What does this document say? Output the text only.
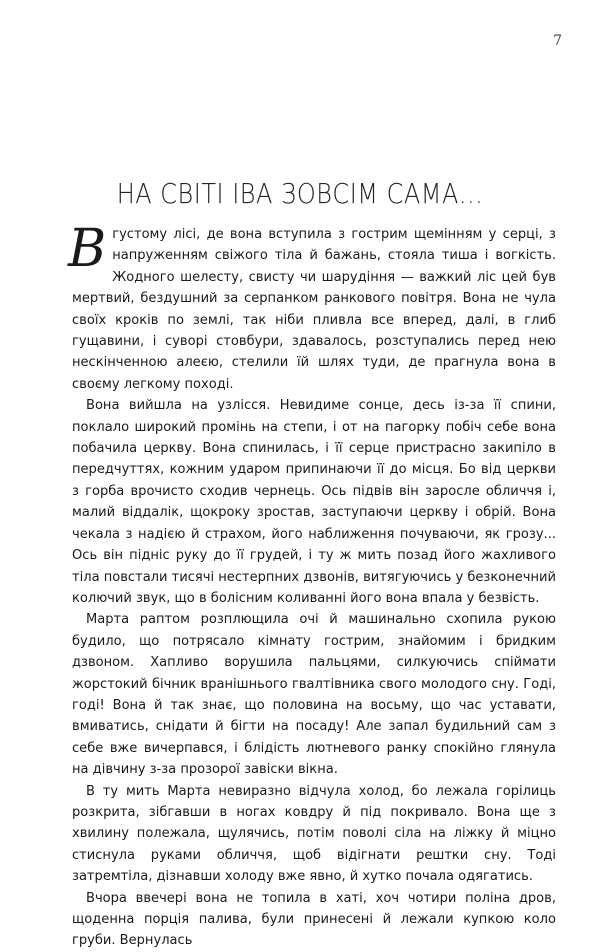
7
НА СВІТІ ІВА ЗОВСІМ САМА...

Вгустому лісі, де вона вступила з гострим щемінням у серці, з напруженням свіжого тіла й бажань, стояла тиша і вогкість. Жодного шелесту, свисту чи шарудіння — важкий ліс цей був мертвий, бездушний за серпанком ранкового повітря. Вона не чула своїх кроків по землі, так ніби пливла все вперед, далі, в глиб гущавини, і суворі стовбури, здавалось, розступались перед нею нескінченною алеєю, стелили їй шлях туди, де прагнула вона в своєму легкому поході.

Вона вийшла на узлісся. Невидиме сонце, десь із-за її спини, поклало широкий промінь на степи, і от на пагорку побіч себе вона побачила церкву. Вона спинилась, і її серце пристрасно закипіло в передчуттях, кожним ударом припинаючи її до місця. Бо від церкви з горба врочисто сходив чернець. Ось підвів він заросле обличчя і, малий віддалік, щокроку зростав, заступаючи церкву і обрій. Вона чекала з надією й страхом, його наближення почуваючи, як грозу... Ось він підніс руку до її грудей, і ту ж мить позад його жахливого тіла повстали тисячі нестерпних дзвонів, витягуючись у безконечний колючий звук, що в болісним коливанні його вона впала у безвість.

Марта раптом розплющила очі й машинально схопила рукою будило, що потрясало кімнату гострим, знайомим і бридким дзвоном. Хапливо ворушила пальцями, силкуючись спіймати жорстокий бічник вранішнього гвалтівника свого молодого сну. Годі, годі! Вона й так знає, що половина на восьму, що час уставати, вмиватись, снідати й бігти на посаду! Але запал будильний сам з себе вже вичерпався, і блідість лютневого ранку спокійно глянула на дівчину з-за прозорої завіски вікна.

В ту мить Марта невиразно відчула холод, бо лежала горілиць розкрита, зібгавши в ногах ковдру й під покривало. Вона ще з хвилину полежала, щулячись, потім поволі сіла на ліжку й міцно стиснула руками обличчя, щоб відігнати рештки сну. Тоді затремтіла, дізнавши холоду вже явно, й хутко почала одягатись.

Вчора ввечері вона не топила в хаті, хоч чотири поліна дров, щоденна порція палива, були принесені й лежали купкою коло груби. Вернулась
